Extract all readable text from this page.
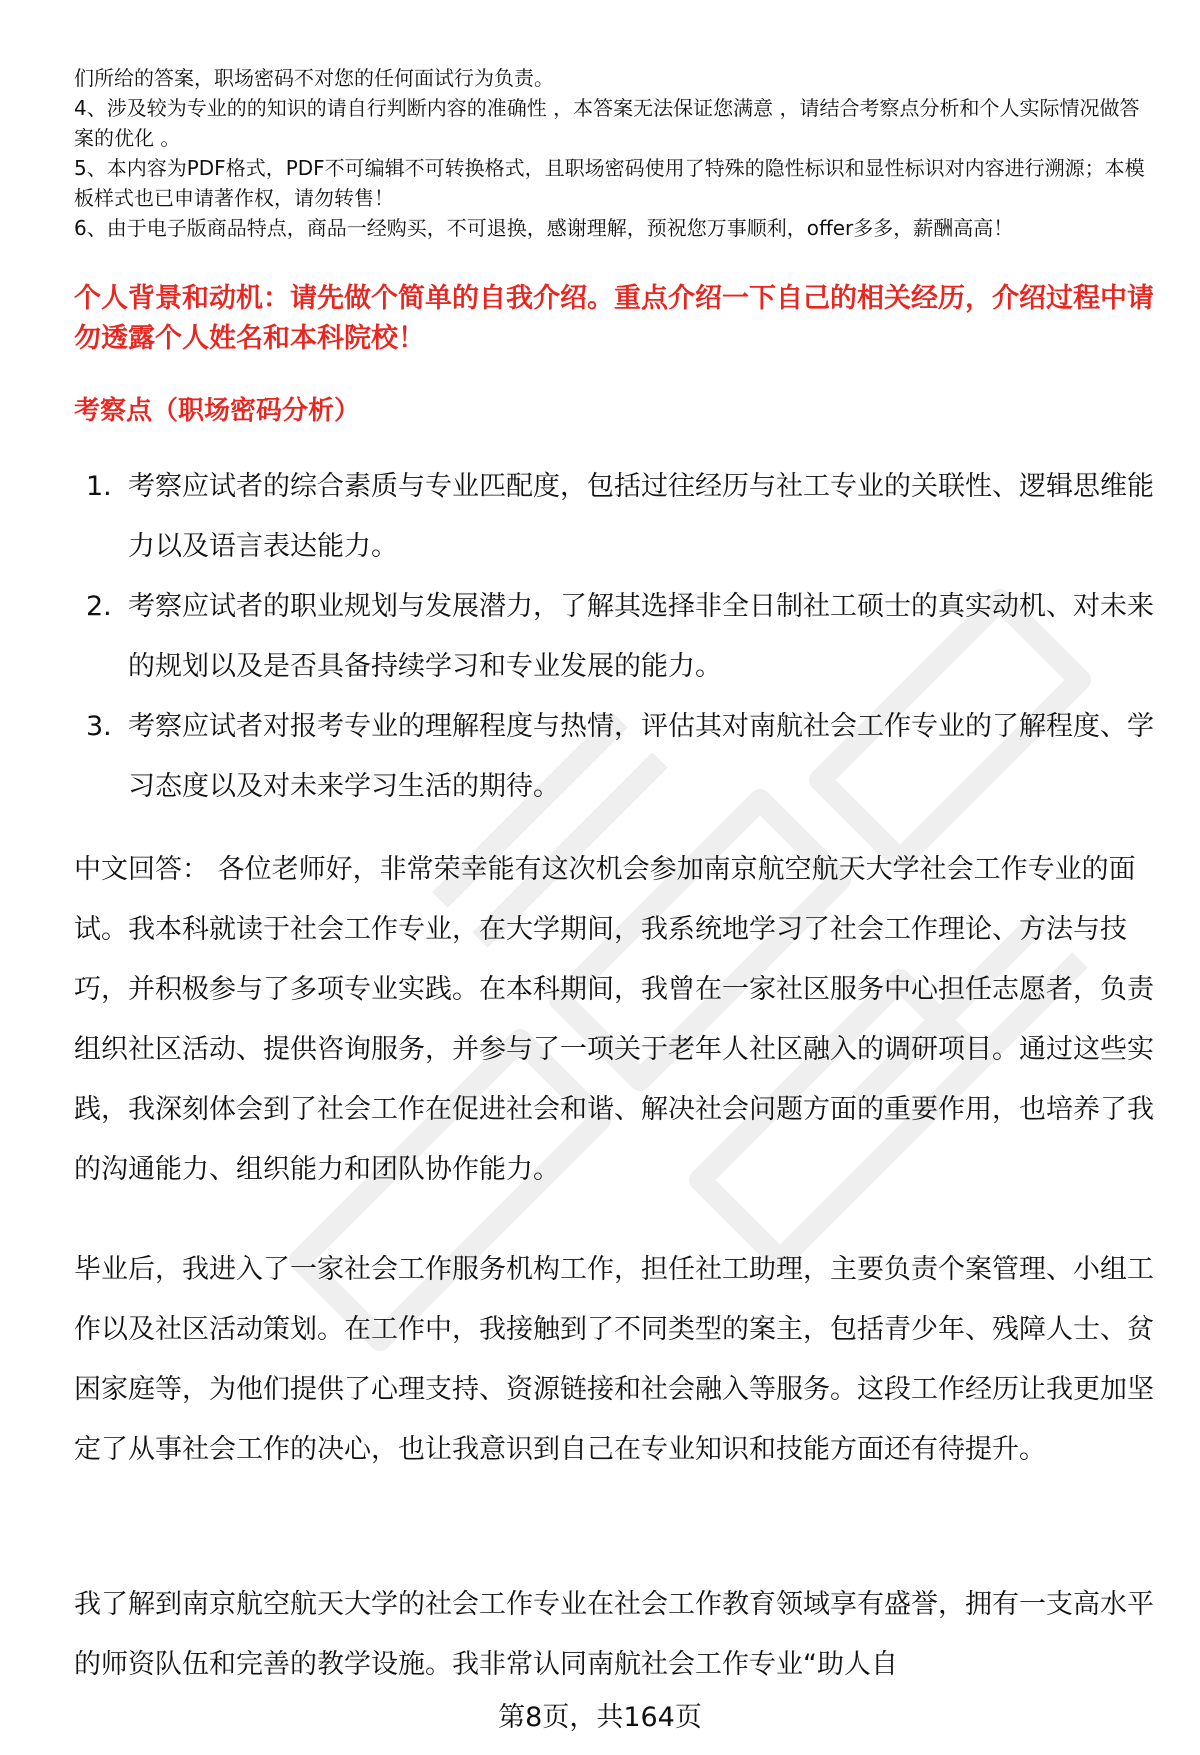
们所给的答案，职场密码不对您的任何面试行为负责。

4、涉及较为专业的的知识的请自行判断内容的准确性 ，本答案无法保证您满意 ，请结合考察点分析和个人实际情况做答案的优化 。

5、本内容为PDF格式，PDF不可编辑不可转换格式，且职场密码使用了特殊的隐性标识和显性标识对内容进行溯源；本模板样式也已申请著作权，请勿转售！

6、由于电子版商品特点，商品一经购买，不可退换，感谢理解，预祝您万事顺利，offer多多，薪酬高高！

个人背景和动机：请先做个简单的自我介绍。重点介绍一下自己的相关经历，介绍过程中请勿透露个人姓名和本科院校！

考察点（职场密码分析）

1. 考察应试者的综合素质与专业匹配度，包括过往经历与社工专业的关联性、逻辑思维能力以及语言表达能力。
2. 考察应试者的职业规划与发展潜力，了解其选择非全日制社工硕士的真实动机、对未来的规划以及是否具备持续学习和专业发展的能力。
3. 考察应试者对报考专业的理解程度与热情，评估其对南航社会工作专业的了解程度、学习态度以及对未来学习生活的期待。

中文回答： 各位老师好，非常荣幸能有这次机会参加南京航空航天大学社会工作专业的面试。我本科就读于社会工作专业，在大学期间，我系统地学习了社会工作理论、方法与技巧，并积极参与了多项专业实践。在本科期间，我曾在一家社区服务中心担任志愿者，负责组织社区活动、提供咨询服务，并参与了一项关于老年人社区融入的调研项目。通过这些实践，我深刻体会到了社会工作在促进社会和谐、解决社会问题方面的重要作用，也培养了我的沟通能力、组织能力和团队协作能力。

毕业后，我进入了一家社会工作服务机构工作，担任社工助理，主要负责个案管理、小组工作以及社区活动策划。在工作中，我接触到了不同类型的案主，包括青少年、残障人士、贫困家庭等，为他们提供了心理支持、资源链接和社会融入等服务。这段工作经历让我更加坚定了从事社会工作的决心，也让我意识到自己在专业知识和技能方面还有待提升。

我了解到南京航空航天大学的社会工作专业在社会工作教育领域享有盛誉，拥有一支高水平的师资队伍和完善的教学设施。我非常认同南航社会工作专业“助人自

第8页，共164页
